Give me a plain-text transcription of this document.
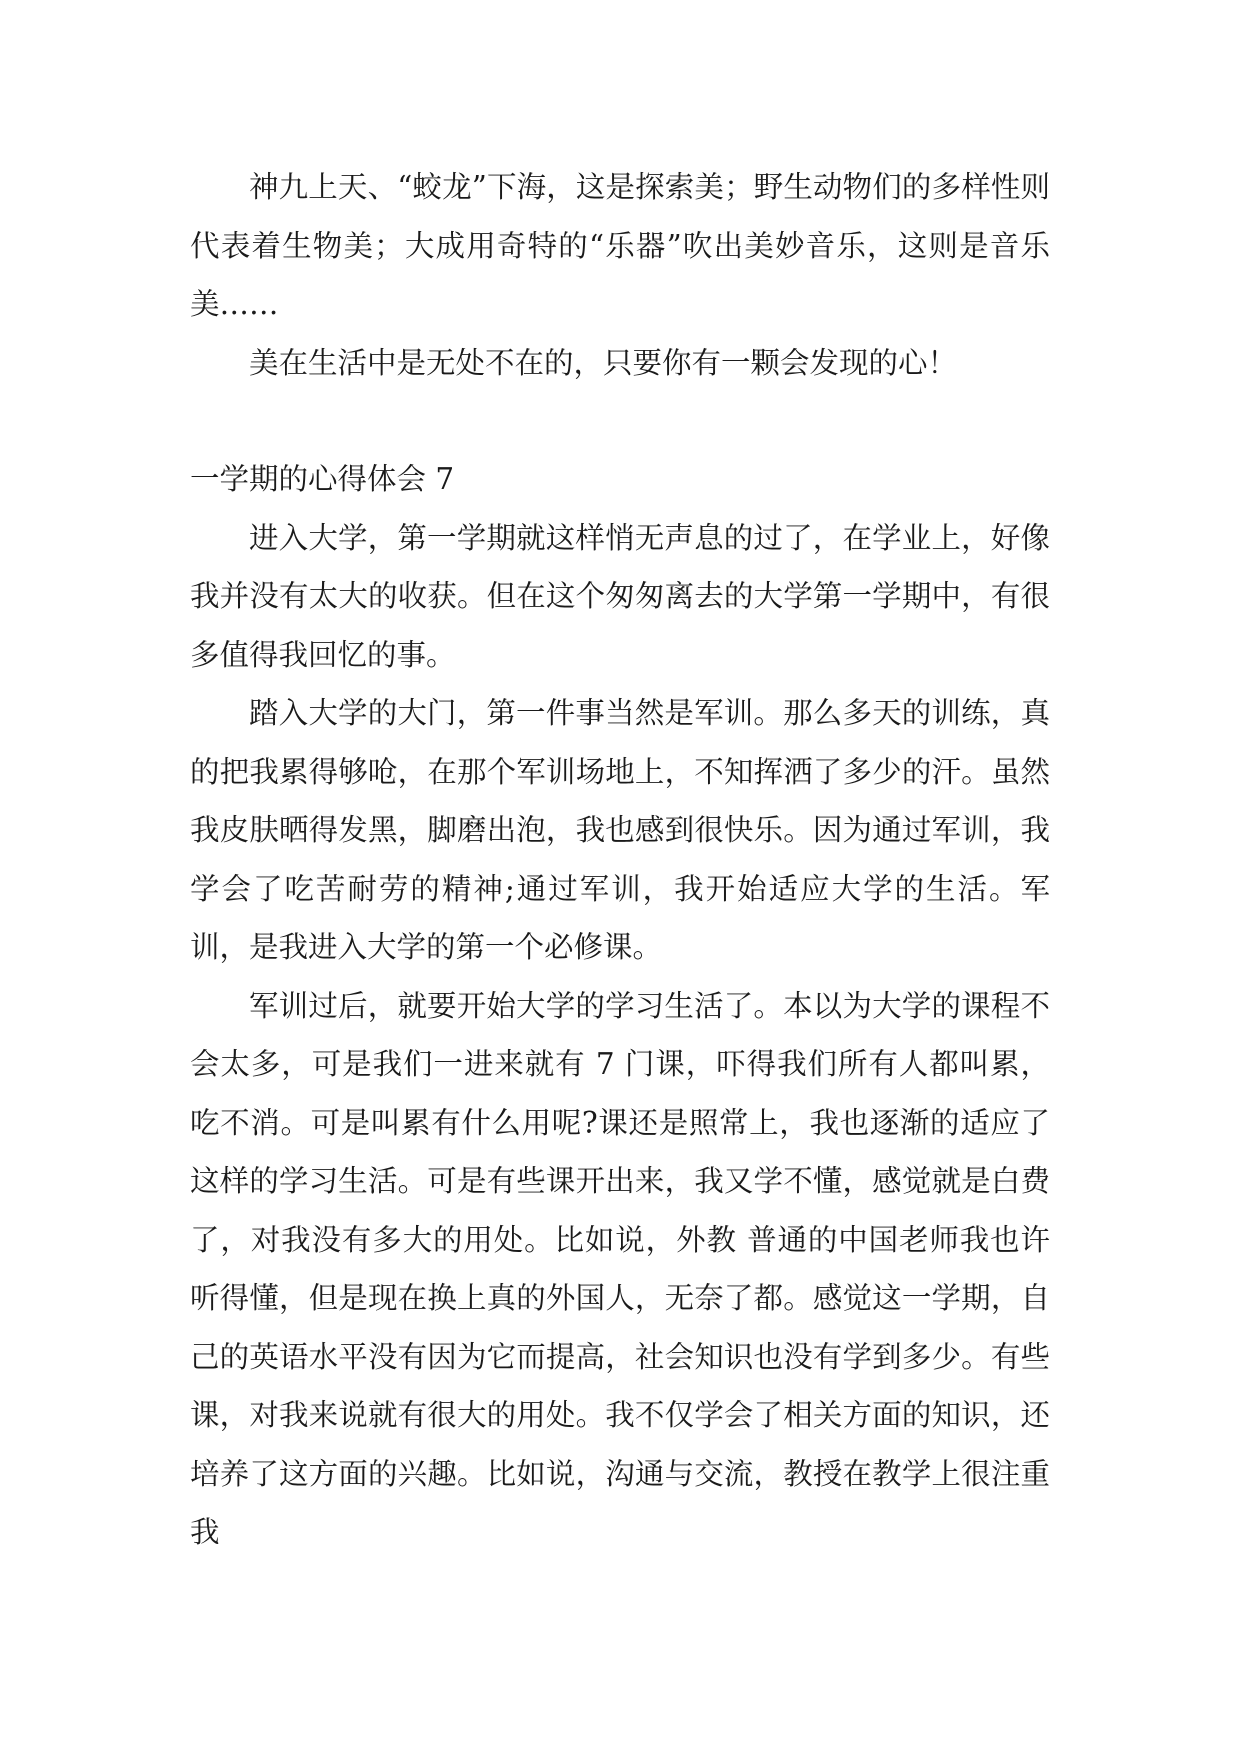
神九上天、“蛟龙”下海，这是探索美；野生动物们的多样性则代表着生物美；大成用奇特的“乐器”吹出美妙音乐，这则是音乐美……

美在生活中是无处不在的，只要你有一颗会发现的心！

一学期的心得体会 7

进入大学，第一学期就这样悄无声息的过了，在学业上，好像我并没有太大的收获。但在这个匆匆离去的大学第一学期中，有很多值得我回忆的事。

踏入大学的大门，第一件事当然是军训。那么多天的训练，真的把我累得够呛，在那个军训场地上，不知挥洒了多少的汗。虽然我皮肤晒得发黑，脚磨出泡，我也感到很快乐。因为通过军训，我学会了吃苦耐劳的精神;通过军训，我开始适应大学的生活。军训，是我进入大学的第一个必修课。

军训过后，就要开始大学的学习生活了。本以为大学的课程不会太多，可是我们一进来就有 7 门课，吓得我们所有人都叫累，吃不消。可是叫累有什么用呢?课还是照常上，我也逐渐的适应了这样的学习生活。可是有些课开出来，我又学不懂，感觉就是白费了，对我没有多大的用处。比如说，外教 普通的中国老师我也许听得懂，但是现在换上真的外国人，无奈了都。感觉这一学期，自己的英语水平没有因为它而提高，社会知识也没有学到多少。有些课，对我来说就有很大的用处。我不仅学会了相关方面的知识，还培养了这方面的兴趣。比如说，沟通与交流，教授在教学上很注重我
